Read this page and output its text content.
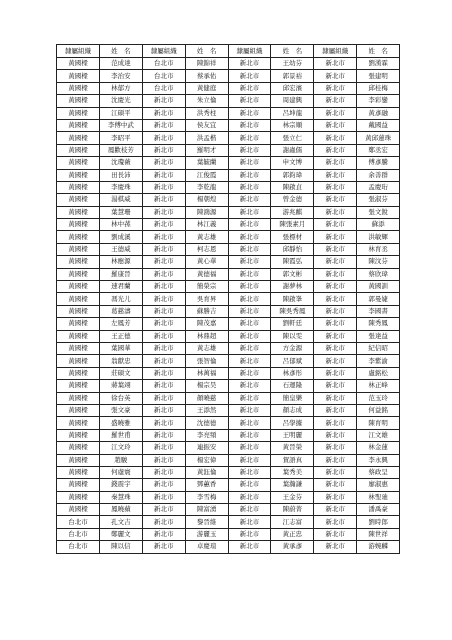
隸屬組織	姓　名	隸屬組織	姓　名	隸屬組織	姓　名	隸屬組織	姓　名
黃國樑	范成達	台北市	陳錦祥	新北市	王幼芬	新北市	劉漢霖
黃國樑	李治安	台北市	蔡承佑	新北市	郭景裕	新北市	張建明
黃國樑	林郁方	台北市	黃健庭	新北市	邱宏濱	新北市	邱桂梅
黃國樑	沈慶光	新北市	朱立倫	新北市	周建興	新北市	李彩鑾
黃國樑	江碩平	新北市	洪秀柱	新北市	呂坤龍	新北市	黃彥融
黃國樑	李傅中武	新北市	侯友宜	新北市	林宗順	新北市	戴國益
黃國樑	李昭平	新北市	洪孟楷	新北市	張立仁	新北市	黃邱蓮珠
黃國樑	鳳歡枝芳	新北市	羅明才	新北市	謝蟲儒	新北市	鄭丞宏
黃國樑	沈瓊薇	新北市	葉毓蘭	新北市	申文博	新北市	傅彥騰
黃國樑	田長沛	新北市	江俊霞	新北市	郭鈞瑋	新北市	余善群
黃國樑	李慶珠	新北市	李乾龍	新北市	陳啟貞	新北市	孟慶珩
黃國樑	湯棋威	新北市	楊朝煌	新北市	曾金德	新北市	張淑芬
黃國樑	葉慧珊	新北市	陳鴻源	新北市	游兆麒	新北市	張文銳
黃國樑	林中蓀	新北市	林江義	新北市	陳張素月	新北市	蘇添
黃國樑	劉成溪	新北市	黃志雄	新北市	張標材	新北市	洪敏輝
黃國樑	王德威	新北市	柯志恩	新北市	邱靜怡	新北市	林育丞
黃國樑	林應源	新北市	黃心華	新北市	陳霞弘	新北市	陳汶芬
黃國樑	羅康晉	新北市	黃德福	新北市	郭文彬	新北市	蔡欣瑋
黃國樑	速君蘭	新北市	簡榮宗	新北市	謝夢林	新北市	黃國訓
黃國樑	馮光儿	新北市	吳育昇	新北市	陳啟峯	新北市	郭曼婕
黃國樑	葛慈濤	新北市	蘇勝吉	新北市	陳吳秀鳳	新北市	李國書
黃國樑	左鳳芳	新北市	陳茂嘉	新北市	劉軒廷	新北市	陳秀鳳
黃國樑	王正德	新北市	林鼎超	新北市	陳以雯	新北市	張達益
黃國樑	葉國華	新北市	黃志雄	新北市	方金源	新北市	紀信昭
黃國樑	翁獻忠	新北市	張智倫	新北市	呂郁斌	新北市	李紫渝
黃國樑	莊碩文	新北市	林萬福	新北市	林彥彤	新北市	盧銘松
黃國樑	蔣葉翊	新北市	楊宗昊	新北市	石運隆	新北市	林正峰
黃國樑	徐台英	新北市	顏曉慈	新北市	簡皇樂	新北市	范玉玲
黃國樑	張文豪	新北市	王添然	新北市	顏志成	新北市	何益銘
黃國樑	盛曉雅	新北市	沈德德	新北市	呂學據	新北市	陳育明
黃國樑	羅世甫	新北市	李亮頻	新北市	王明麗	新北市	江文雄
黃國樑	江文玲	新北市	連振安	新北市	黃晉榮	新北市	林金蓮
黃國樑	趙駿	新北市	楊宏偉	新北市	賀語真	新北市	李永興
黃國樑	何慮寰	新北市	黃鈺倫	新北市	葉秀美	新北市	蔡政呈
黃國樑	錢震宇	新北市	鄧蕙香	新北市	葉瀚謙	新北市	廖淑惠
黃國樑	秦慧珠	新北市	李雪梅	新北市	王金芬	新北市	林聖廸
黃國樑	鳳曉蘋	新北市	陳富湧	新北市	陳蔚菁	新北市	潘禹豪
台北市	孔文吉	新北市	黎晉維	新北市	江志富	新北市	劉時郎
台北市	鄭麗文	新北市	游麗玉	新北市	黃正忠	新北市	陳世祥
台北市	陳以信	新北市	卓慶瑄	新北市	黃承彥	新北市	游婉麟
